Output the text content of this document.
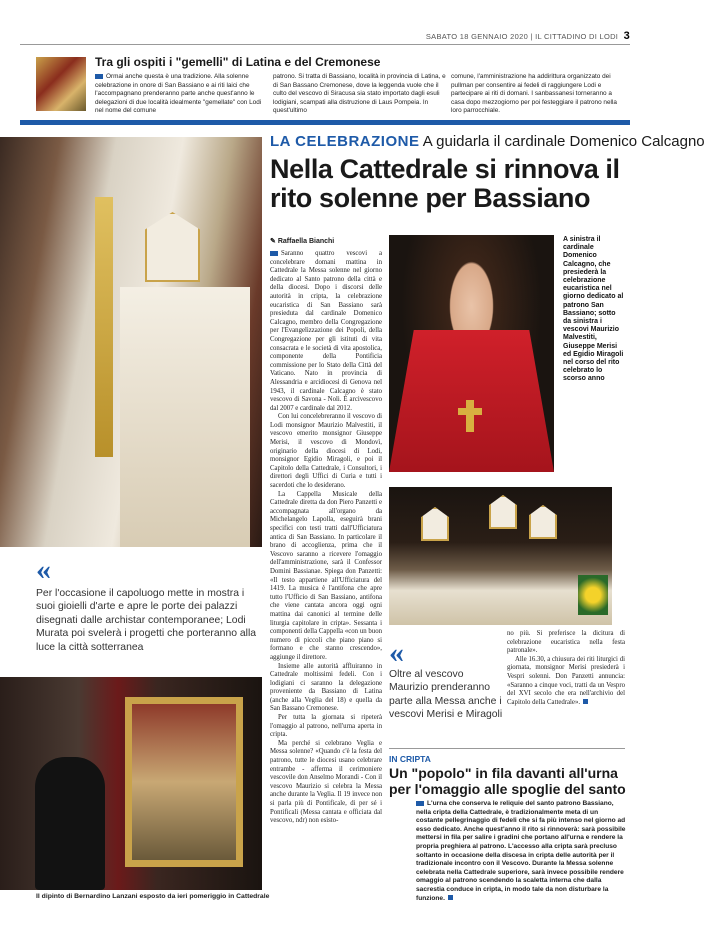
SABATO 18 GENNAIO 2020 | IL CITTADINO DI LODI 3
Tra gli ospiti i "gemelli" di Latina e del Cremonese
Ormai anche questa è una tradizione. Alla solenne celebrazione in onore di San Bassiano e ai riti laici che l'accompagnano prenderanno parte anche quest'anno le delegazioni di due località idealmente "gemellate" con Lodi nel nome del comune
patrono. Si tratta di Bassiano, località in provincia di Latina, e di San Bassano Cremonese, dove la leggenda vuole che il culto del vescovo di Siracusa sia stato importato dagli esuli lodigiani, scampati alla distruzione di Laus Pompeia. In quest'ultimo
comune, l'amministrazione ha addirittura organizzato dei pullman per consentire ai fedeli di raggiungere Lodi e partecipare ai riti di domani. I sanbassanesi torneranno a casa dopo mezzogiorno per poi festeggiare il patrono nella loro parrocchiale.
LA CELEBRAZIONE A guidarla il cardinale Domenico Calcagno
Nella Cattedrale si rinnova il rito solenne per Bassiano
✎ Raffaella Bianchi	A sinistra il cardinale Domenico Calcagno, che presiederà la celebrazione eucaristica nel giorno dedicato al patrono San Bassiano; sotto da sinistra i vescovi Maurizio Malvestiti, Giuseppe Merisi ed Egidio Miragoli nel corso del rito celebrato lo scorso anno

Saranno quattro vescovi a concelebrare domani mattina in Cattedrale la Messa solenne nel giorno dedicato al Santo patrono della città e della diocesi. Dopo i discorsi delle autorità in cripta, la celebrazione eucaristica di San Bassiano sarà presieduta dal cardinale Domenico Calcagno, membro della Congregazione per l'Evangelizzazione dei Popoli, della Congregazione per gli istituti di vita consacrata e le società di vita apostolica, componente della Pontificia commissione per lo Stato della Città del Vaticano. Nato in provincia di Alessandria e arcidiocesi di Genova nel 1943, il cardinale Calcagno è stato vescovo di Savona - Noli. È arcivescovo dal 2007 e cardinale dal 2012.

Con lui concelebreranno il vescovo di Lodi monsignor Maurizio Malvestiti, il vescovo emerito monsignor Giuseppe Merisi, il vescovo di Mondovì, originario della diocesi di Lodi, monsignor Egidio Miragoli, e poi il Capitolo della Cattedrale, i Consultori, i direttori degli Uffici di Curia e tutti i sacerdoti che lo desiderano.

La Cappella Musicale della Cattedrale diretta da don Piero Panzetti e accompagnata all'organo da Michelangelo Lapolla, eseguirà brani specifici con testi tratti dall'Ufficiatura antica di San Bassiano. In particolare il brano di accoglienza, prima che il Vescovo saranno a ricevere l'omaggio dell'amministrazione, sarà il Confessor Domini Bassianae. Spiega don Panzetti: «Il testo appartiene all'Ufficiatura del 1419. La musica è l'antifona che apre tutto l'Ufficio di San Bassiano, antifona che viene cantata ancora oggi ogni mattina dai canonici al termine delle liturgia capitolare in cripta». Sessanta i componenti della Cappella «con un buon numero di piccoli che piano piano si formano e che stanno crescendo», aggiunge il direttore.

Insieme alle autorità affluiranno in Cattedrale moltissimi fedeli. Con i lodigiani ci saranno la delegazione proveniente da Bassiano di Latina (anche alla Veglia del 18) e quella da San Bassano Cremonese.

Per tutta la giornata si ripeterà l'omaggio al patrono, nell'urna aperta in cripta.

Ma perché si celebrano Veglia e Messa solenne? «Quando c'è la festa del patrono, tutte le diocesi usano celebrare entrambe - afferma il cerimoniere vescovile don Anselmo Morandi - Con il vescovo Maurizio si celebra la Messa anche durante la Veglia. Il 19 invece non si parla più di Pontificale, di per sé i Pontificali (Messa cantata e officiata dal vescovo, ndr) non esisto-

no più. Si preferisce la dicitura di celebrazione eucaristica nella festa patronale».

Alle 16.30, a chiusura dei riti liturgici di giornata, monsignor Merisi presiederà i Vespri solenni. Don Panzetti annuncia: «Saranno a cinque voci, tratti da un Vespro del XVI secolo che era nell'archivio del Capitolo della Cattedrale».

«
Per l'occasione il capoluogo mette in mostra i suoi gioielli d'arte e apre le porte dei palazzi disegnati dalle archistar contemporanee; Lodi Murata poi svelerà i progetti che porteranno alla luce la città sotterranea	«
Oltre al vescovo Maurizio prenderanno parte alla Messa anche i vescovi Merisi e Miragoli
Il dipinto di Bernardino Lanzani esposto da ieri pomeriggio in Cattedrale
IN CRIPTA
Un "popolo" in fila davanti all'urna per l'omaggio alle spoglie del santo
L'urna che conserva le reliquie del santo patrono Bassiano, nella cripta della Cattedrale, è tradizionalmente meta di un costante pellegrinaggio di fedeli che si fa più intenso nel giorno ad esso dedicato. Anche quest'anno il rito si rinnoverà: sarà possibile mettersi in fila per salire i gradini che portano all'urna e rendere la propria preghiera al patrono. L'accesso alla cripta sarà precluso soltanto in occasione della discesa in cripta delle autorità per il tradizionale incontro con il Vescovo. Durante la Messa solenne celebrata nella Cattedrale superiore, sarà invece possibile rendere omaggio al patrono scendendo la scaletta interna che dalla sacrestia conduce in cripta, in modo tale da non disturbare la funzione.
